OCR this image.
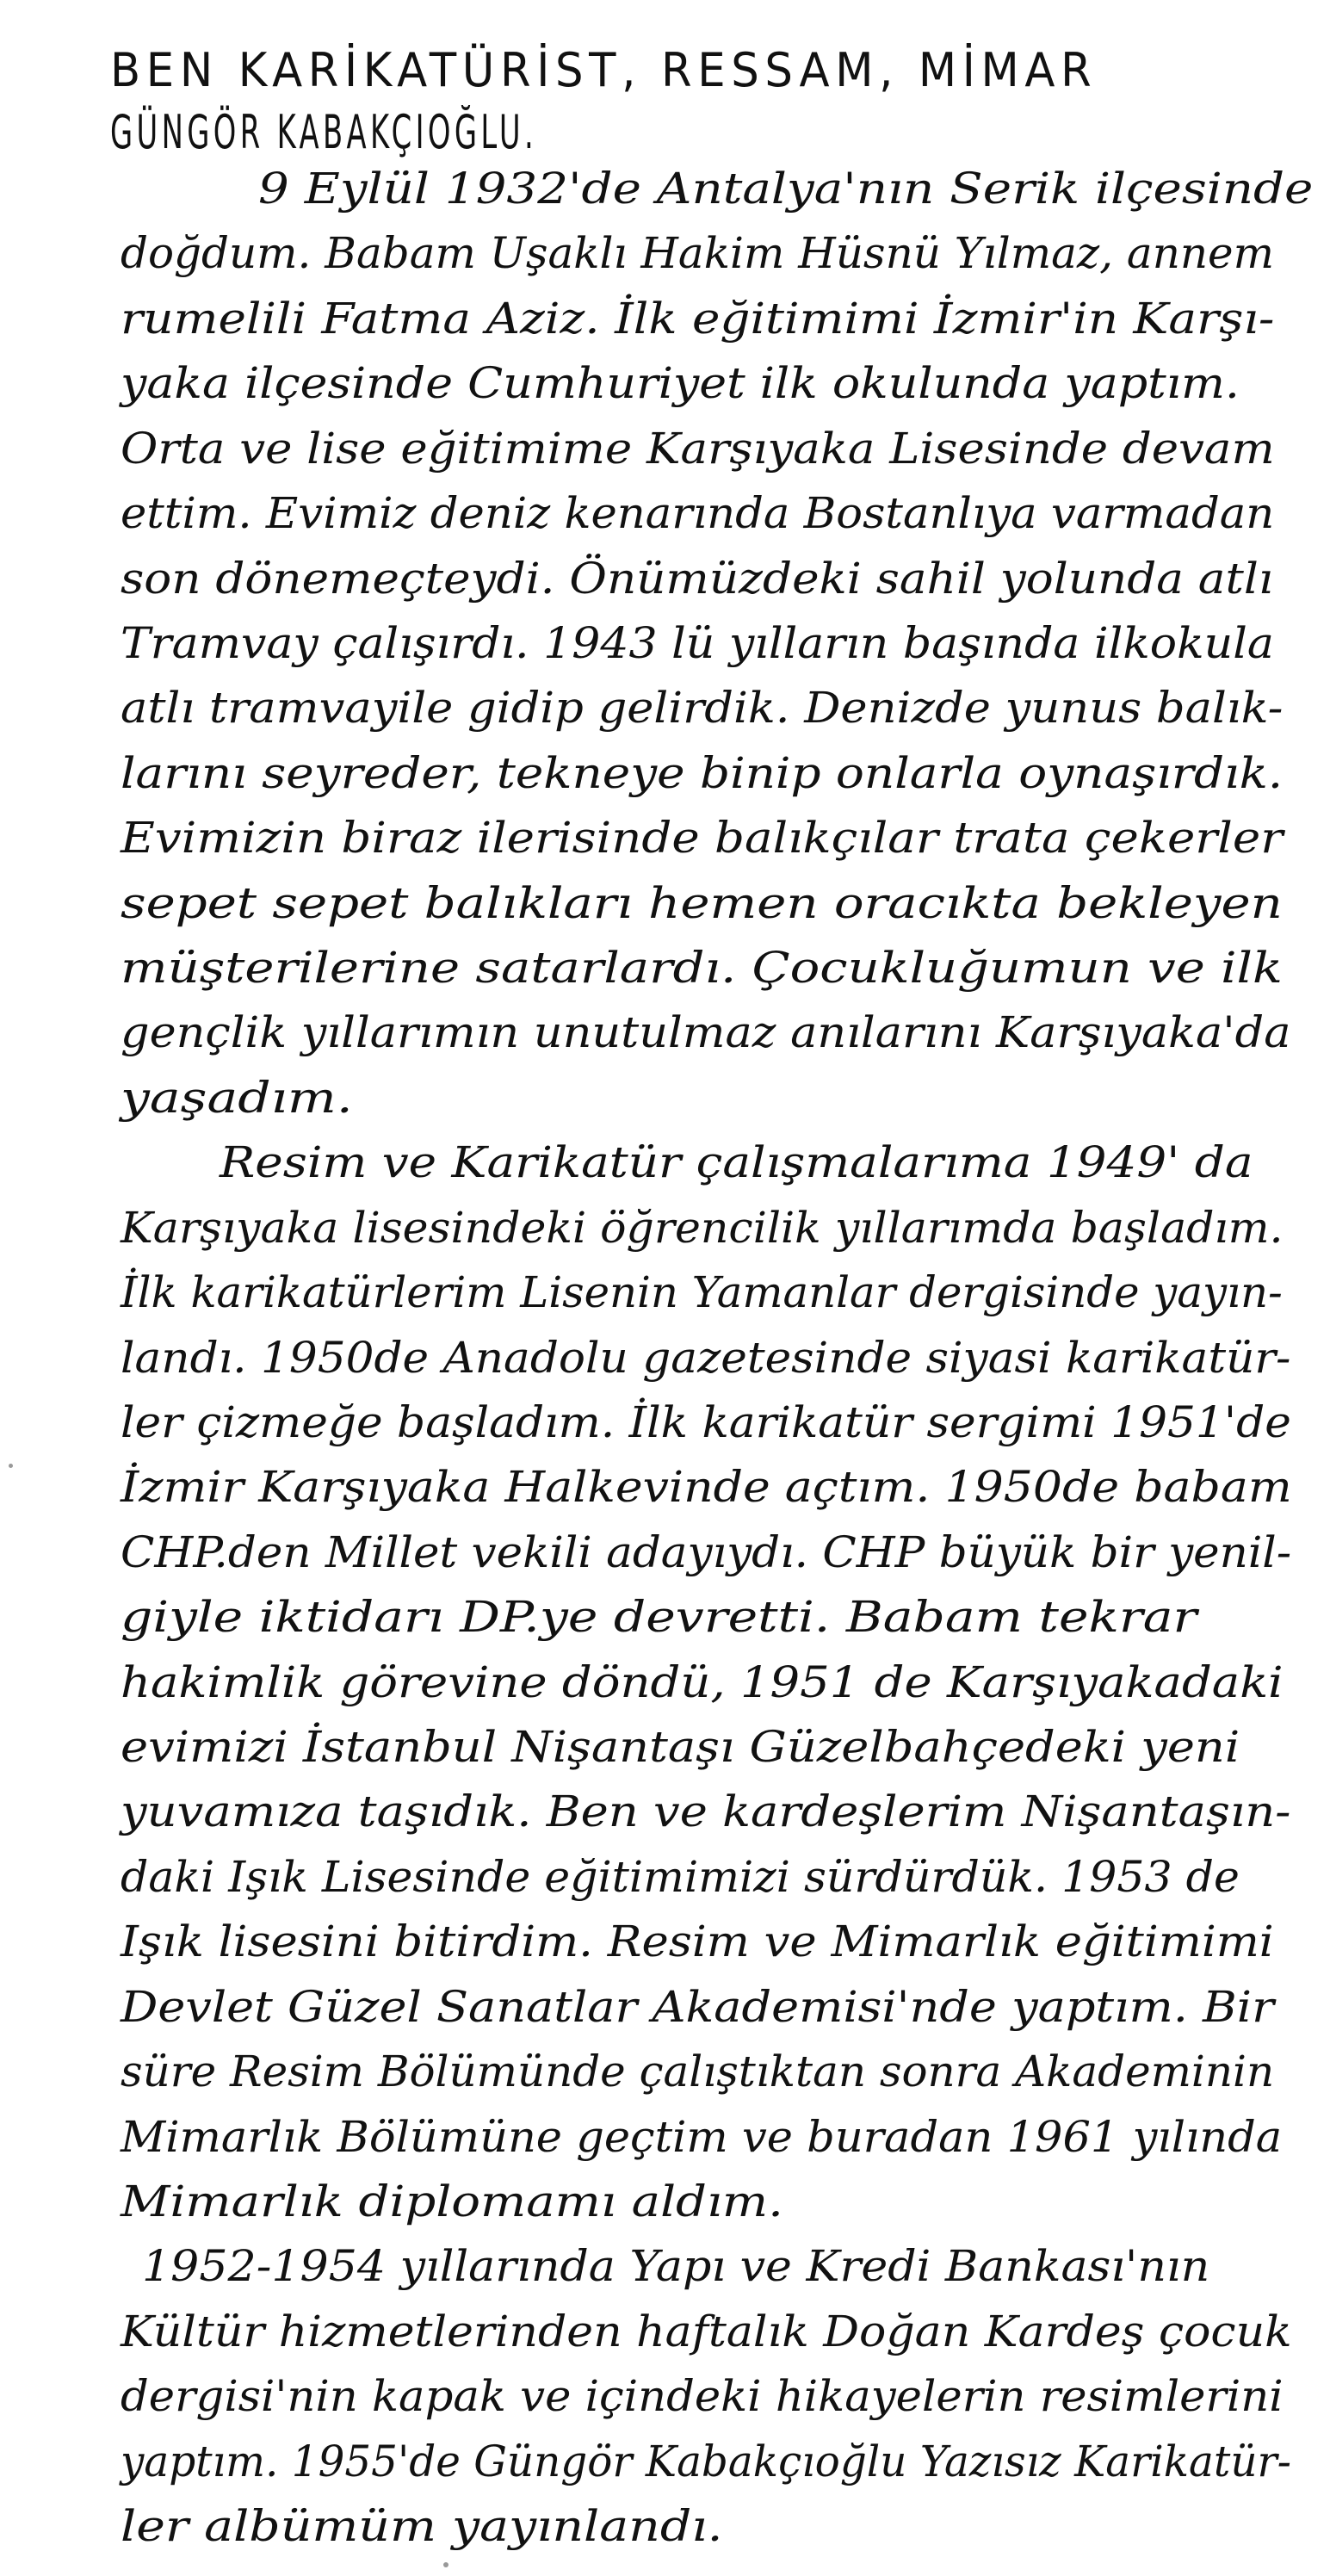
BEN KARİKATÜRİST, RESSAM, MİMAR
GÜNGÖR KABAKÇIOĞLU.
9 Eylül 1932'de Antalya'nın Serik ilçesinde
doğdum. Babam Uşaklı Hakim Hüsnü Yılmaz, annem
rumelili Fatma Aziz. İlk eğitimimi İzmir'in Karşı-
yaka ilçesinde Cumhuriyet ilk okulunda yaptım.
Orta ve lise eğitimime Karşıyaka Lisesinde devam
ettim. Evimiz deniz kenarında Bostanlıya varmadan
son dönemeçteydi. Önümüzdeki sahil yolunda atlı
Tramvay çalışırdı. 1943 lü yılların başında ilkokula
atlı tramvayile gidip gelirdik. Denizde yunus balık-
larını seyreder, tekneye binip onlarla oynaşırdık.
Evimizin biraz ilerisinde balıkçılar trata çekerler
sepet sepet balıkları hemen oracıkta bekleyen
müşterilerine satarlardı. Çocukluğumun ve ilk
gençlik yıllarımın unutulmaz anılarını Karşıyaka'da
yaşadım.
Resim ve Karikatür çalışmalarıma 1949' da
Karşıyaka lisesindeki öğrencilik yıllarımda başladım.
İlk karikatürlerim Lisenin Yamanlar dergisinde yayın-
landı. 1950de Anadolu gazetesinde siyasi karikatür-
ler çizmeğe başladım. İlk karikatür sergimi 1951'de
İzmir Karşıyaka Halkevinde açtım. 1950de babam
CHP.den Millet vekili adayıydı. CHP büyük bir yenil-
giyle iktidarı DP.ye devretti. Babam tekrar
hakimlik görevine döndü, 1951 de Karşıyakadaki
evimizi İstanbul Nişantaşı Güzelbahçedeki yeni
yuvamıza taşıdık. Ben ve kardeşlerim Nişantaşın-
daki Işık Lisesinde eğitimimizi sürdürdük. 1953 de
Işık lisesini bitirdim. Resim ve Mimarlık eğitimimi
Devlet Güzel Sanatlar Akademisi'nde yaptım. Bir
süre Resim Bölümünde çalıştıktan sonra Akademinin
Mimarlık Bölümüne geçtim ve buradan 1961 yılında
Mimarlık diplomamı aldım.
1952-1954 yıllarında Yapı ve Kredi Bankası'nın
Kültür hizmetlerinden haftalık Doğan Kardeş çocuk
dergisi'nin kapak ve içindeki hikayelerin resimlerini
yaptım. 1955'de Güngör Kabakçıoğlu Yazısız Karikatür-
ler albümüm yayınlandı.
